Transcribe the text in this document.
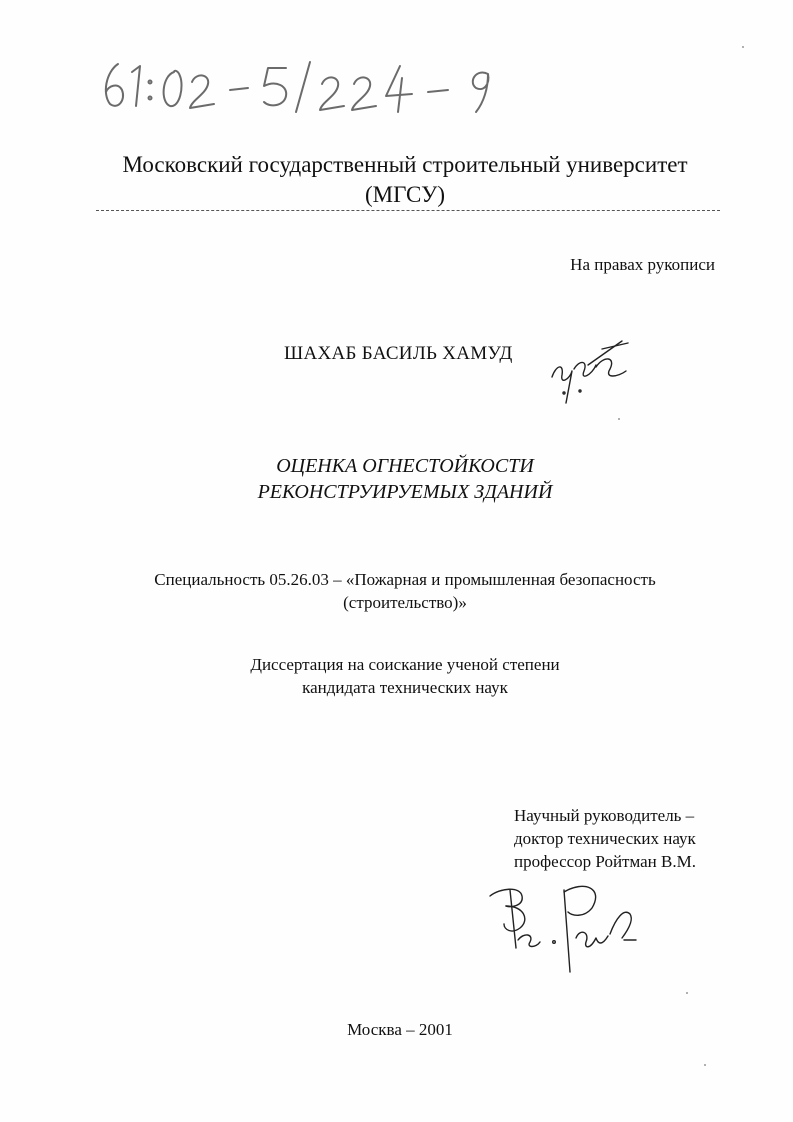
Московский государственный строительный университет

(МГСУ)
На правах рукописи
ШАХАБ БАСИЛЬ ХАМУД
ОЦЕНКА ОГНЕСТОЙКОСТИ
РЕКОНСТРУИРУЕМЫХ ЗДАНИЙ
Специальность 05.26.03 – «Пожарная и промышленная безопасность
(строительство)»
Диссертация на соискание ученой степени
кандидата технических наук
Научный руководитель –
доктор технических наук
профессор Ройтман В.М.
Москва – 2001
